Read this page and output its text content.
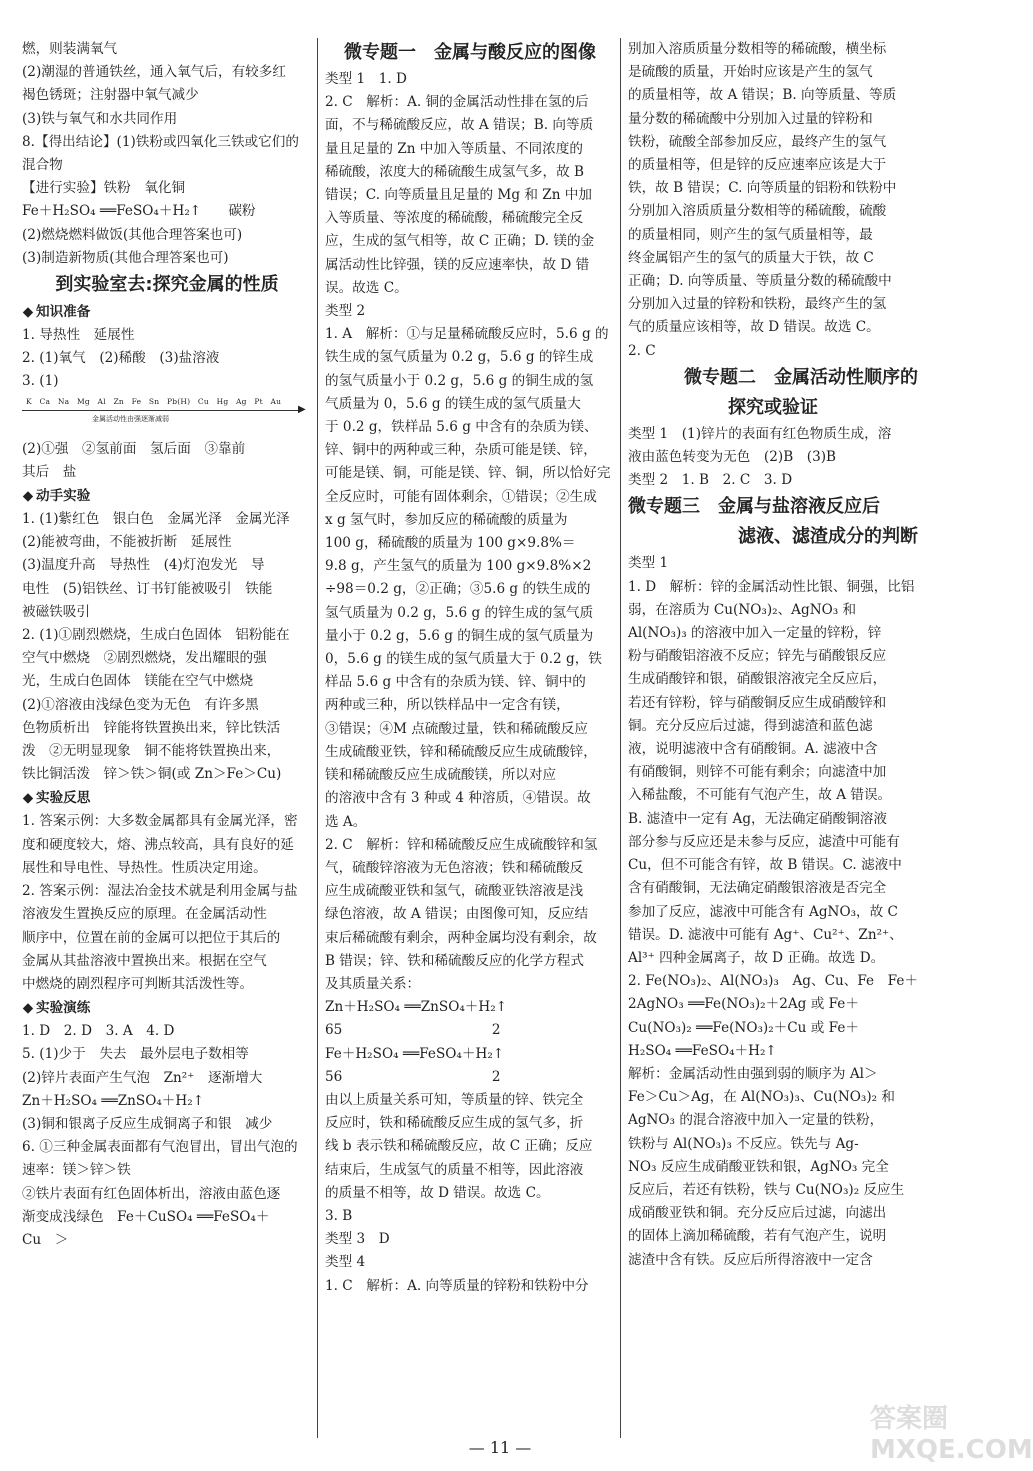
燃，则装满氧气
(2)潮湿的普通铁丝，通入氧气后，有较多红
褐色锈斑；注射器中氧气减少
(3)铁与氧气和水共同作用
8.【得出结论】(1)铁粉或四氧化三铁或它们的
混合物
【进行实验】铁粉　氧化铜
Fe＋H₂SO₄ ══FeSO₄＋H₂↑　　碳粉
(2)燃烧燃料做饭(其他合理答案也可)
(3)制造新物质(其他合理答案也可)
到实验室去:探究金属的性质
◆ 知识准备
1. 导热性　延展性
2. (1)氧气　(2)稀酸　(3)盐溶液
3. (1)
K　Ca　Na　Mg　Al　Zn　Fe　Sn　Pb(H)　Cu　Hg　Ag　Pt　Au
▶
金属活动性由强逐渐减弱
(2)①强　②氢前面　氢后面　③靠前
其后　盐
◆ 动手实验
1. (1)紫红色　银白色　金属光泽　金属光泽
(2)能被弯曲，不能被折断　延展性
(3)温度升高　导热性　(4)灯泡发光　导
电性　(5)铝铁丝、订书钉能被吸引　铁能
被磁铁吸引
2. (1)①剧烈燃烧，生成白色固体　铝粉能在
空气中燃烧　②剧烈燃烧，发出耀眼的强
光，生成白色固体　镁能在空气中燃烧
(2)①溶液由浅绿色变为无色　有许多黑
色物质析出　锌能将铁置换出来，锌比铁活
泼　②无明显现象　铜不能将铁置换出来，
铁比铜活泼　锌＞铁＞铜(或 Zn＞Fe＞Cu)
◆ 实验反思
1. 答案示例：大多数金属都具有金属光泽，密
度和硬度较大，熔、沸点较高，具有良好的延
展性和导电性、导热性。性质决定用途。
2. 答案示例：湿法冶金技术就是利用金属与盐
溶液发生置换反应的原理。在金属活动性
顺序中，位置在前的金属可以把位于其后的
金属从其盐溶液中置换出来。根据在空气
中燃烧的剧烈程序可判断其活泼性等。
◆ 实验演练
1. D　2. D　3. A　4. D
5. (1)少于　失去　最外层电子数相等
(2)锌片表面产生气泡　Zn²⁺　逐渐增大
Zn＋H₂SO₄ ══ZnSO₄＋H₂↑
(3)铜和银离子反应生成铜离子和银　减少
6. ①三种金属表面都有气泡冒出，冒出气泡的
速率：镁＞锌＞铁
②铁片表面有红色固体析出，溶液由蓝色逐
渐变成浅绿色　Fe＋CuSO₄ ══FeSO₄＋
Cu　＞
微专题一　金属与酸反应的图像
类型 1　1. D
2. C　解析：A. 铜的金属活动性排在氢的后
面，不与稀硫酸反应，故 A 错误；B. 向等质
量且足量的 Zn 中加入等质量、不同浓度的
稀硫酸，浓度大的稀硫酸生成氢气多，故 B
错误；C. 向等质量且足量的 Mg 和 Zn 中加
入等质量、等浓度的稀硫酸，稀硫酸完全反
应，生成的氢气相等，故 C 正确；D. 镁的金
属活动性比锌强，镁的反应速率快，故 D 错
误。故选 C。
类型 2
1. A　解析：①与足量稀硫酸反应时，5.6 g 的
铁生成的氢气质量为 0.2 g，5.6 g 的锌生成
的氢气质量小于 0.2 g，5.6 g 的铜生成的氢
气质量为 0，5.6 g 的镁生成的氢气质量大
于 0.2 g，铁样品 5.6 g 中含有的杂质为镁、
锌、铜中的两种或三种，杂质可能是镁、锌，
可能是镁、铜，可能是镁、锌、铜，所以恰好完
全反应时，可能有固体剩余，①错误；②生成
x g 氢气时，参加反应的稀硫酸的质量为
100 g，稀硫酸的质量为 100 g×9.8%＝
9.8 g，产生氢气的质量为 100 g×9.8%×2
÷98＝0.2 g，②正确；③5.6 g 的铁生成的
氢气质量为 0.2 g，5.6 g 的锌生成的氢气质
量小于 0.2 g，5.6 g 的铜生成的氢气质量为
0，5.6 g 的镁生成的氢气质量大于 0.2 g，铁
样品 5.6 g 中含有的杂质为镁、锌、铜中的
两种或三种，所以铁样品中一定含有镁，
③错误；④M 点硫酸过量，铁和稀硫酸反应
生成硫酸亚铁，锌和稀硫酸反应生成硫酸锌，
镁和稀硫酸反应生成硫酸镁，所以对应
的溶液中含有 3 种或 4 种溶质，④错误。故
选 A。
2. C　解析：锌和稀硫酸反应生成硫酸锌和氢
气，硫酸锌溶液为无色溶液；铁和稀硫酸反
应生成硫酸亚铁和氢气，硫酸亚铁溶液是浅
绿色溶液，故 A 错误；由图像可知，反应结
束后稀硫酸有剩余，两种金属均没有剩余，故
B 错误；锌、铁和稀硫酸反应的化学方程式
及其质量关系：
Zn＋H₂SO₄ ══ZnSO₄＋H₂↑
65　　　　　　　　　　　2
Fe＋H₂SO₄ ══FeSO₄＋H₂↑
56　　　　　　　　　　　2
由以上质量关系可知，等质量的锌、铁完全
反应时，铁和稀硫酸反应生成的氢气多，折
线 b 表示铁和稀硫酸反应，故 C 正确；反应
结束后，生成氢气的质量不相等，因此溶液
的质量不相等，故 D 错误。故选 C。
3. B
类型 3　D
类型 4
1. C　解析：A. 向等质量的锌粉和铁粉中分
别加入溶质质量分数相等的稀硫酸，横坐标
是硫酸的质量，开始时应该是产生的氢气
的质量相等，故 A 错误；B. 向等质量、等质
量分数的稀硫酸中分别加入过量的锌粉和
铁粉，硫酸全部参加反应，最终产生的氢气
的质量相等，但是锌的反应速率应该是大于
铁，故 B 错误；C. 向等质量的铝粉和铁粉中
分别加入溶质质量分数相等的稀硫酸，硫酸
的质量相同，则产生的氢气质量相等，最
终金属铝产生的氢气的质量大于铁，故 C
正确；D. 向等质量、等质量分数的稀硫酸中
分别加入过量的锌粉和铁粉，最终产生的氢
气的质量应该相等，故 D 错误。故选 C。
2. C
微专题二　金属活动性顺序的
探究或验证
类型 1　(1)锌片的表面有红色物质生成，溶
液由蓝色转变为无色　(2)B　(3)B
类型 2　1. B　2. C　3. D
微专题三　金属与盐溶液反应后
滤液、滤渣成分的判断
类型 1
1. D　解析：锌的金属活动性比银、铜强，比铝
弱，在溶质为 Cu(NO₃)₂、AgNO₃ 和
Al(NO₃)₃ 的溶液中加入一定量的锌粉，锌
粉与硝酸铝溶液不反应；锌先与硝酸银反应
生成硝酸锌和银，硝酸银溶液完全反应后，
若还有锌粉，锌与硝酸铜反应生成硝酸锌和
铜。充分反应后过滤，得到滤渣和蓝色滤
液，说明滤液中含有硝酸铜。A. 滤液中含
有硝酸铜，则锌不可能有剩余；向滤渣中加
入稀盐酸，不可能有气泡产生，故 A 错误。
B. 滤渣中一定有 Ag，无法确定硝酸铜溶液
部分参与反应还是未参与反应，滤渣中可能有
Cu，但不可能含有锌，故 B 错误。C. 滤液中
含有硝酸铜，无法确定硝酸银溶液是否完全
参加了反应，滤液中可能含有 AgNO₃，故 C
错误。D. 滤液中可能有 Ag⁺、Cu²⁺、Zn²⁺、
Al³⁺ 四种金属离子，故 D 正确。故选 D。
2. Fe(NO₃)₂、Al(NO₃)₃　Ag、Cu、Fe　Fe＋
2AgNO₃ ══Fe(NO₃)₂＋2Ag 或 Fe＋
Cu(NO₃)₂ ══Fe(NO₃)₂＋Cu 或 Fe＋
H₂SO₄ ══FeSO₄＋H₂↑
解析：金属活动性由强到弱的顺序为 Al＞
Fe＞Cu＞Ag，在 Al(NO₃)₃、Cu(NO₃)₂ 和
AgNO₃ 的混合溶液中加入一定量的铁粉，
铁粉与 Al(NO₃)₃ 不反应。铁先与 Ag-
NO₃ 反应生成硝酸亚铁和银，AgNO₃ 完全
反应后，若还有铁粉，铁与 Cu(NO₃)₂ 反应生
成硝酸亚铁和铜。充分反应后过滤，向滤出
的固体上滴加稀硫酸，若有气泡产生，说明
滤渣中含有铁。反应后所得溶液中一定含
— 11 —
答案圈 MXQE.COM
